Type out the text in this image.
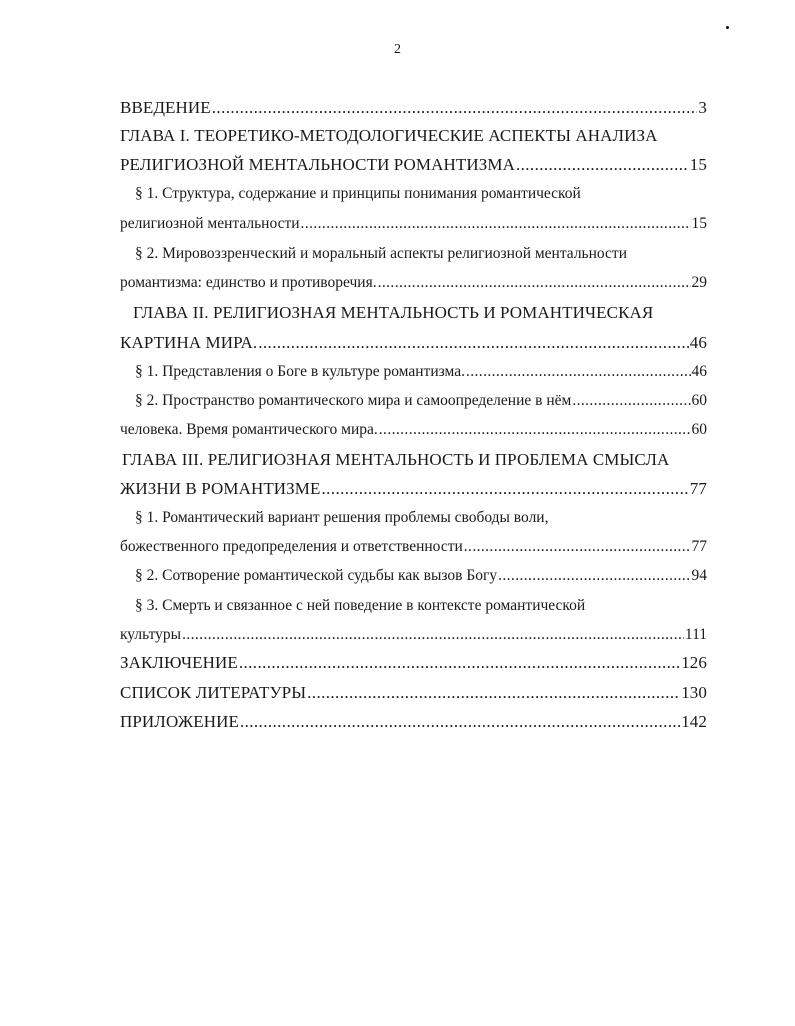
2
ВВЕДЕНИЕ .....	3
ГЛАВА I. ТЕОРЕТИКО-МЕТОДОЛОГИЧЕСКИЕ АСПЕКТЫ АНАЛИЗА
РЕЛИГИОЗНОЙ МЕНТАЛЬНОСТИ РОМАНТИЗМА .....	15
§ 1. Структура, содержание и принципы понимания романтической
религиозной ментальности .....	15
§ 2. Мировоззренческий и моральный аспекты религиозной ментальности
романтизма: единство и противоречия. .....	29
ГЛАВА II. РЕЛИГИОЗНАЯ МЕНТАЛЬНОСТЬ И РОМАНТИЧЕСКАЯ
КАРТИНА МИРА. .....	46
§ 1. Представления о Боге в культуре романтизма. .....	46
§ 2. Пространство романтического мира и самоопределение в нём .....	60
человека. Время романтического мира. .....	60
ГЛАВА III. РЕЛИГИОЗНАЯ МЕНТАЛЬНОСТЬ И ПРОБЛЕМА СМЫСЛА
ЖИЗНИ В РОМАНТИЗМЕ .....	77
§ 1. Романтический вариант решения проблемы свободы воли,
божественного предопределения и ответственности .....	77
§ 2. Сотворение романтической судьбы как вызов Богу .....	94
§ 3. Смерть и связанное с ней поведение в контексте романтической
культуры .....	111
ЗАКЛЮЧЕНИЕ .....	126
СПИСОК ЛИТЕРАТУРЫ .....	130
ПРИЛОЖЕНИЕ .....	142
